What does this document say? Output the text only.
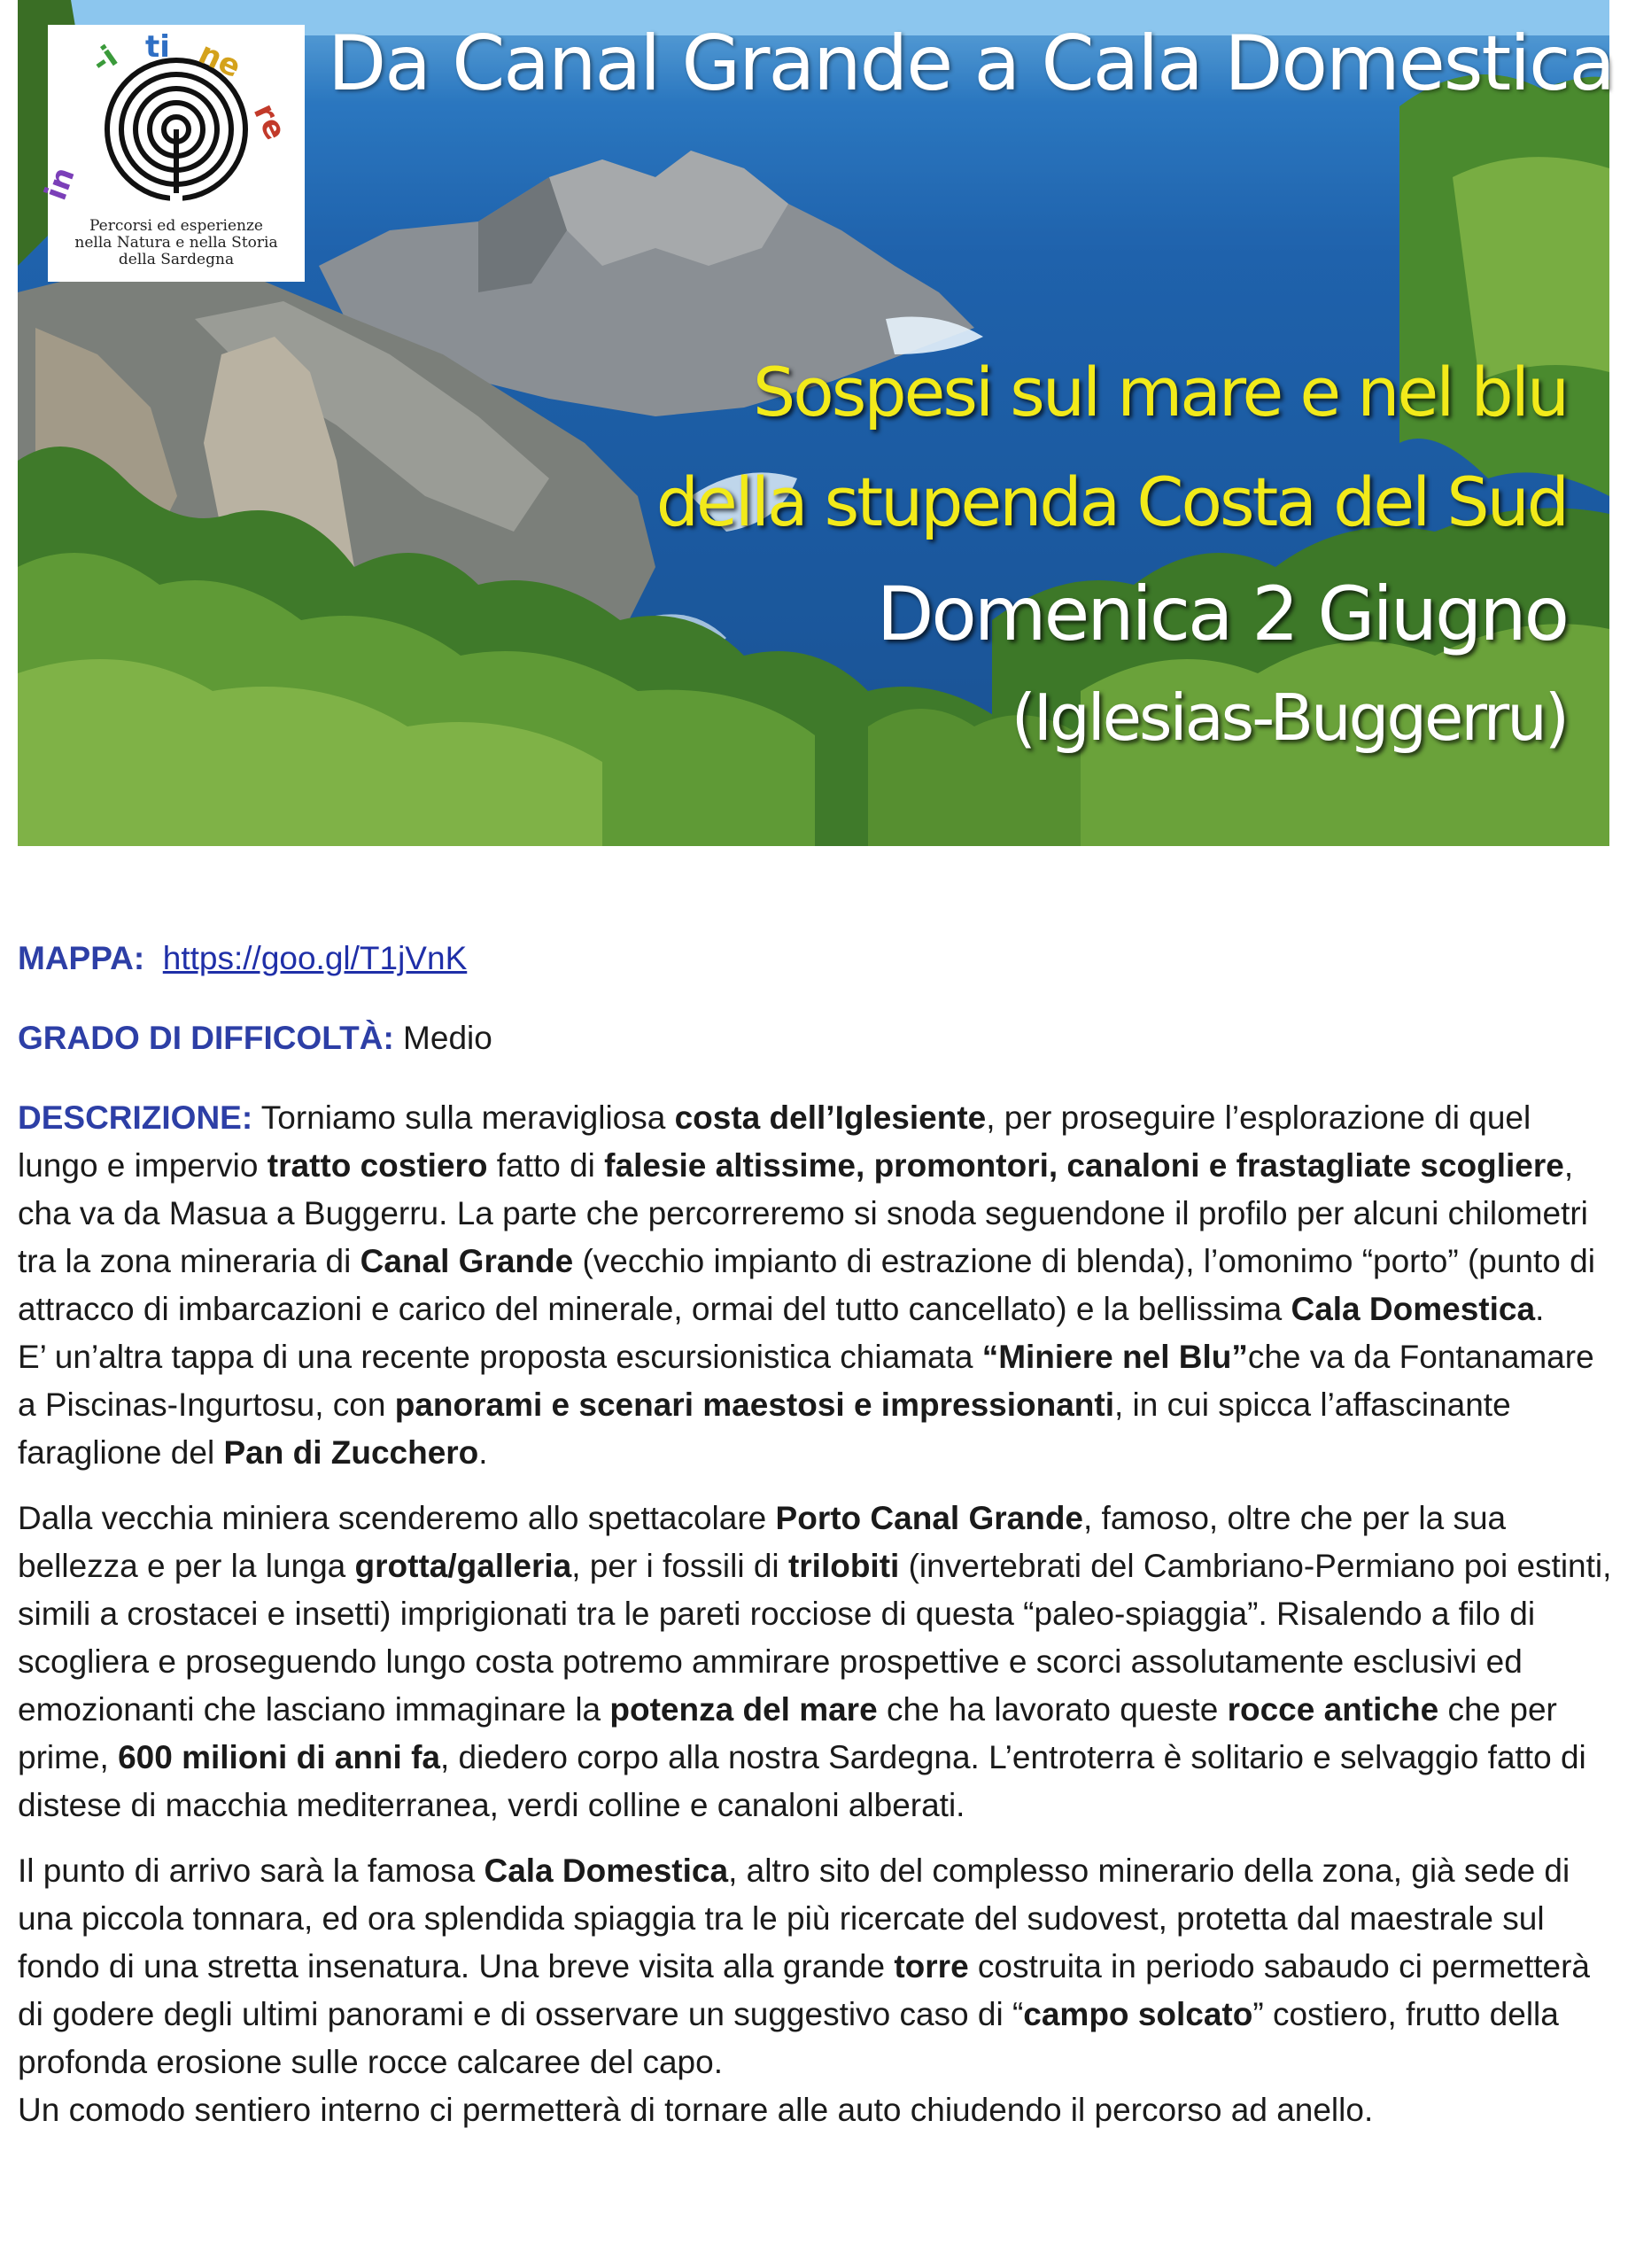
in
-i ti ne
re
Percorsi ed esperienze
nella Natura e nella Storia
della Sardegna
Da Canal Grande a Cala Domestica
Sospesi sul mare e nel blu
della stupenda Costa del Sud
Domenica 2 Giugno
(Iglesias-Buggerru)

MAPPA: https://goo.gl/T1jVnK

GRADO DI DIFFICOLTÀ: Medio

DESCRIZIONE: Torniamo sulla meravigliosa costa dell’Iglesiente, per proseguire l’esplorazione di quel lungo e impervio tratto costiero fatto di falesie altissime, promontori, canaloni e frastagliate scogliere, cha va da Masua a Buggerru. La parte che percorreremo si snoda seguendone il profilo per alcuni chilometri tra la zona mineraria di Canal Grande (vecchio impianto di estrazione di blenda), l’omonimo “porto” (punto di attracco di imbarcazioni e carico del minerale, ormai del tutto cancellato) e la bellissima Cala Domestica.

E’ un’altra tappa di una recente proposta escursionistica chiamata “Miniere nel Blu”che va da Fontanamare a Piscinas-Ingurtosu, con panorami e scenari maestosi e impressionanti, in cui spicca l’affascinante faraglione del Pan di Zucchero.

Dalla vecchia miniera scenderemo allo spettacolare Porto Canal Grande, famoso, oltre che per la sua bellezza e per la lunga grotta/galleria, per i fossili di trilobiti (invertebrati del Cambriano-Permiano poi estinti, simili a crostacei e insetti) imprigionati tra le pareti rocciose di questa “paleo-spiaggia”. Risalendo a filo di scogliera e proseguendo lungo costa potremo ammirare prospettive e scorci assolutamente esclusivi ed emozionanti che lasciano immaginare la potenza del mare che ha lavorato queste rocce antiche che per prime, 600 milioni di anni fa, diedero corpo alla nostra Sardegna. L’entroterra è solitario e selvaggio fatto di distese di macchia mediterranea, verdi colline e canaloni alberati.

Il punto di arrivo sarà la famosa Cala Domestica, altro sito del complesso minerario della zona, già sede di una piccola tonnara, ed ora splendida spiaggia tra le più ricercate del sudovest, protetta dal maestrale sul fondo di una stretta insenatura. Una breve visita alla grande torre costruita in periodo sabaudo ci permetterà di godere degli ultimi panorami e di osservare un suggestivo caso di “campo solcato” costiero, frutto della profonda erosione sulle rocce calcaree del capo.

Un comodo sentiero interno ci permetterà di tornare alle auto chiudendo il percorso ad anello.
